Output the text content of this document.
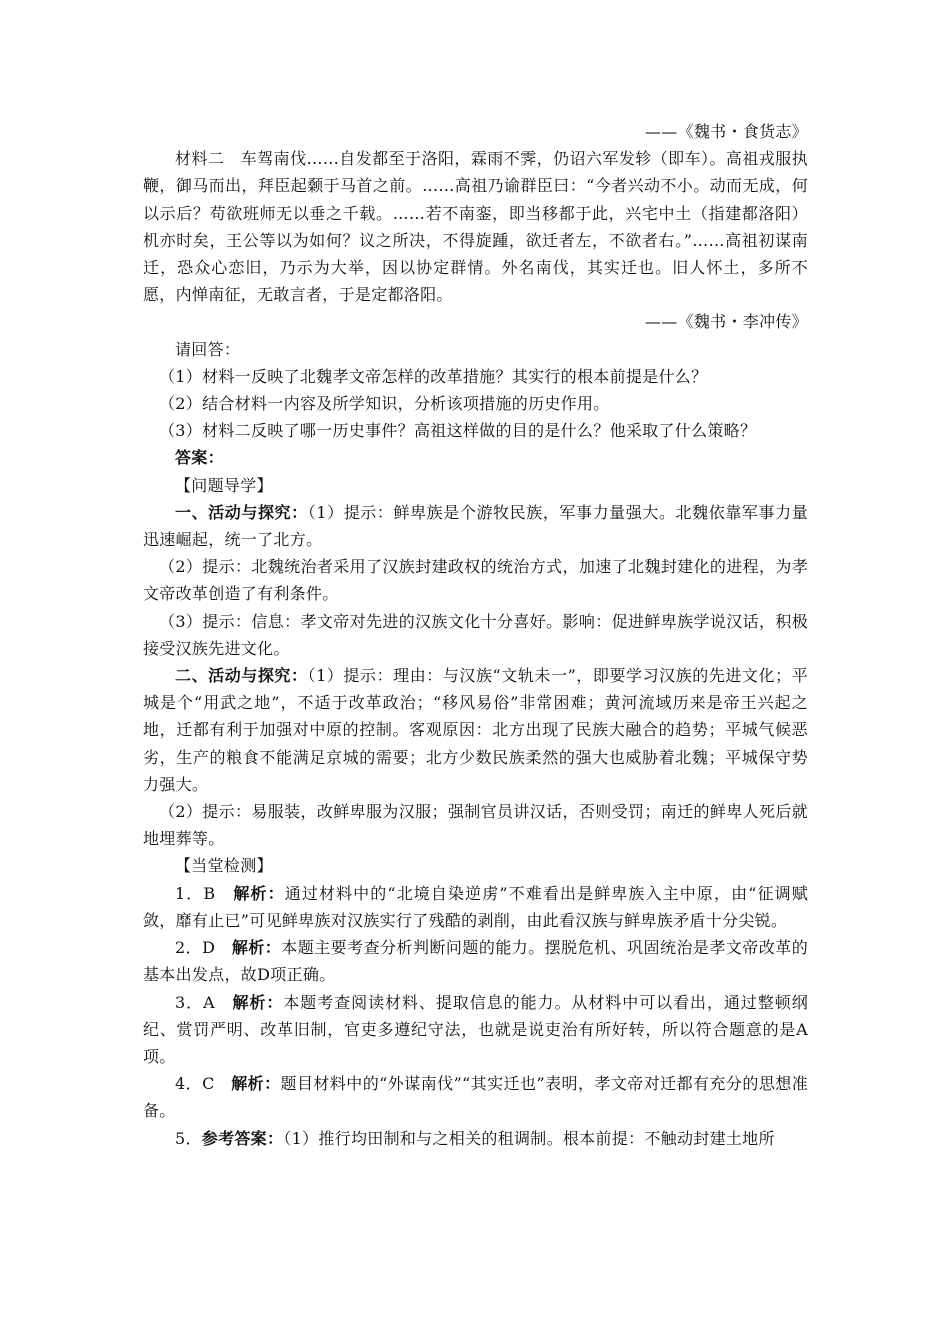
——《魏书・食货志》

材料二　车驾南伐……自发都至于洛阳，霖雨不霁，仍诏六军发轸（即车）。高祖戎服执鞭，御马而出，拜臣起颡于马首之前。……高祖乃谕群臣曰：“今者兴动不小。动而无成，何以示后？苟欲班师无以垂之千载。……若不南銮，即当移都于此，兴宅中土（指建都洛阳）机亦时矣，王公等以为如何？议之所决，不得旋踵，欲迁者左，不欲者右。”……高祖初谋南迁，恐众心恋旧，乃示为大举，因以协定群情。外名南伐，其实迁也。旧人怀土，多所不愿，内惮南征，无敢言者，于是定都洛阳。

——《魏书・李冲传》

请回答：

（1）材料一反映了北魏孝文帝怎样的改革措施？其实行的根本前提是什么？

（2）结合材料一内容及所学知识，分析该项措施的历史作用。

（3）材料二反映了哪一历史事件？高祖这样做的目的是什么？他采取了什么策略？

答案：

【问题导学】

一、活动与探究：（1）提示：鲜卑族是个游牧民族，军事力量强大。北魏依靠军事力量迅速崛起，统一了北方。

（2）提示：北魏统治者采用了汉族封建政权的统治方式，加速了北魏封建化的进程，为孝文帝改革创造了有利条件。

（3）提示：信息：孝文帝对先进的汉族文化十分喜好。影响：促进鲜卑族学说汉话，积极接受汉族先进文化。

二、活动与探究：（1）提示：理由：与汉族“文轨未一”，即要学习汉族的先进文化；平城是个“用武之地”，不适于改革政治；“移风易俗”非常困难；黄河流域历来是帝王兴起之地，迁都有利于加强对中原的控制。客观原因：北方出现了民族大融合的趋势；平城气候恶劣，生产的粮食不能满足京城的需要；北方少数民族柔然的强大也威胁着北魏；平城保守势力强大。

（2）提示：易服装，改鲜卑服为汉服；强制官员讲汉话，否则受罚；南迁的鲜卑人死后就地埋葬等。

【当堂检测】

1．B　解析：通过材料中的“北境自染逆虏”不难看出是鲜卑族入主中原，由“征调赋敛，靡有止已”可见鲜卑族对汉族实行了残酷的剥削，由此看汉族与鲜卑族矛盾十分尖锐。

2．D　解析：本题主要考查分析判断问题的能力。摆脱危机、巩固统治是孝文帝改革的基本出发点，故D项正确。

3．A　解析：本题考查阅读材料、提取信息的能力。从材料中可以看出，通过整顿纲纪、赏罚严明、改革旧制，官吏多遵纪守法，也就是说吏治有所好转，所以符合题意的是A项。

4．C　解析：题目材料中的“外谋南伐”“其实迁也”表明，孝文帝对迁都有充分的思想准备。

5．参考答案：（1）推行均田制和与之相关的租调制。根本前提：不触动封建土地所
